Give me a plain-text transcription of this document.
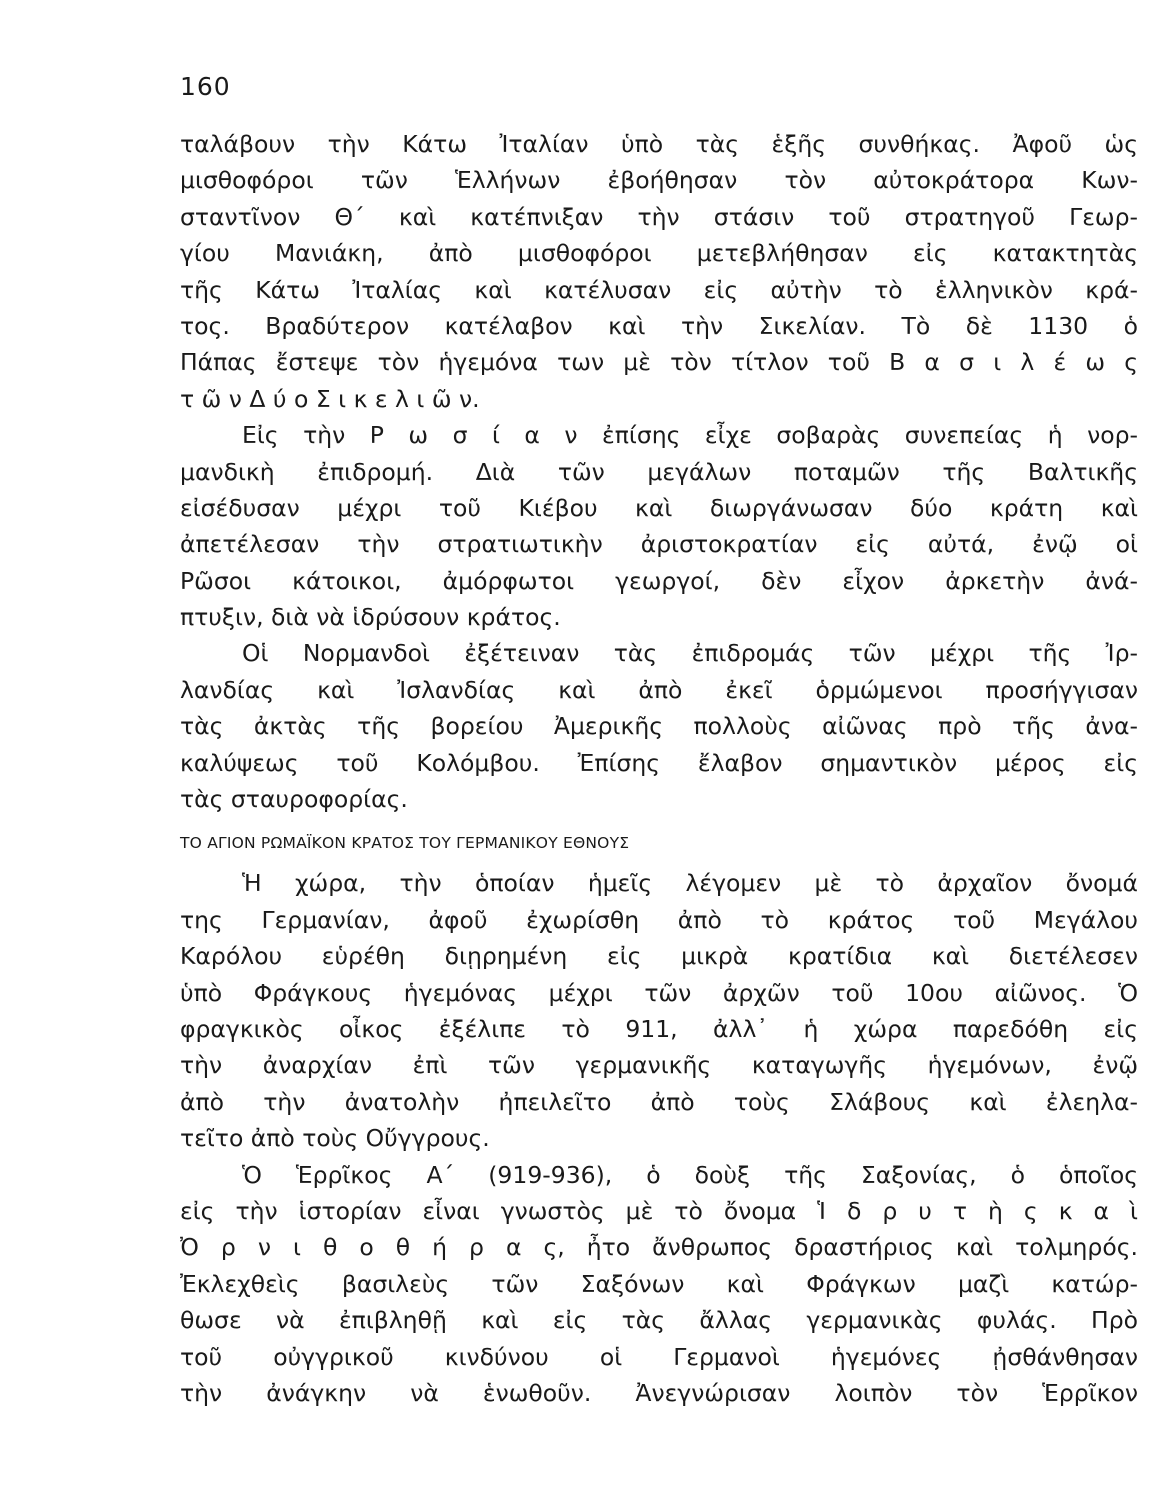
160
ταλάβουν τὴν Κάτω Ἰταλίαν ὑπὸ τὰς ἑξῆς συνθήκας. Ἀφοῦ ὡς
μισθοφόροι τῶν Ἑλλήνων ἐβοήθησαν τὸν αὐτοκράτορα Κων-
σταντῖνον Θ΄ καὶ κατέπνιξαν τὴν στάσιν τοῦ στρατηγοῦ Γεωρ-
γίου Μανιάκη, ἀπὸ μισθοφόροι μετεβλήθησαν εἰς κατακτητὰς
τῆς Κάτω Ἰταλίας καὶ κατέλυσαν εἰς αὐτὴν τὸ ἑλληνικὸν κρά-
τος. Βραδύτερον κατέλαβον καὶ τὴν Σικελίαν. Τὸ δὲ 1130 ὁ
Πάπας ἔστεψε τὸν ἡγεμόνα των μὲ τὸν τίτλον τοῦ Β α σ ι λ έ ω ς
τ ῶ ν Δ ύ ο Σ ι κ ε λ ι ῶ ν.
Εἰς τὴν Ρ ω σ ί α ν ἐπίσης εἶχε σοβαρὰς συνεπείας ἡ νορ-
μανδικὴ ἐπιδρομή. Διὰ τῶν μεγάλων ποταμῶν τῆς Βαλτικῆς
εἰσέδυσαν μέχρι τοῦ Κιέβου καὶ διωργάνωσαν δύο κράτη καὶ
ἀπετέλεσαν τὴν στρατιωτικὴν ἀριστοκρατίαν εἰς αὐτά, ἐνῷ οἱ
Ρῶσοι κάτοικοι, ἀμόρφωτοι γεωργοί, δὲν εἶχον ἀρκετὴν ἀνά-
πτυξιν, διὰ νὰ ἱδρύσουν κράτος.
Οἱ Νορμανδοὶ ἐξέτειναν τὰς ἐπιδρομάς τῶν μέχρι τῆς Ἰρ-
λανδίας καὶ Ἰσλανδίας καὶ ἀπὸ ἐκεῖ ὁρμώμενοι προσήγγισαν
τὰς ἀκτὰς τῆς βορείου Ἀμερικῆς πολλοὺς αἰῶνας πρὸ τῆς ἀνα-
καλύψεως τοῦ Κολόμβου. Ἐπίσης ἔλαβον σημαντικὸν μέρος εἰς
τὰς σταυροφορίας.
ΤΟ ΑΓΙΟΝ ΡΩΜΑΪΚΟΝ ΚΡΑΤΟΣ ΤΟΥ ΓΕΡΜΑΝΙΚΟΥ ΕΘΝΟΥΣ
Ἡ χώρα, τὴν ὁποίαν ἡμεῖς λέγομεν μὲ τὸ ἀρχαῖον ὄνομά
της Γερμανίαν, ἀφοῦ ἐχωρίσθη ἀπὸ τὸ κράτος τοῦ Μεγάλου
Καρόλου εὑρέθη διῃρημένη εἰς μικρὰ κρατίδια καὶ διετέλεσεν
ὑπὸ Φράγκους ἡγεμόνας μέχρι τῶν ἀρχῶν τοῦ 10ου αἰῶνος. Ὁ
φραγκικὸς οἶκος ἐξέλιπε τὸ 911, ἀλλ᾽ ἡ χώρα παρεδόθη εἰς
τὴν ἀναρχίαν ἐπὶ τῶν γερμανικῆς καταγωγῆς ἡγεμόνων, ἐνῷ
ἀπὸ τὴν ἀνατολὴν ἠπειλεῖτο ἀπὸ τοὺς Σλάβους καὶ ἐλεηλα-
τεῖτο ἀπὸ τοὺς Οὔγγρους.
Ὁ Ἑρρῖκος Α΄ (919-936), ὁ δοὺξ τῆς Σαξονίας, ὁ ὁποῖος
εἰς τὴν ἱστορίαν εἶναι γνωστὸς μὲ τὸ ὄνομα Ἱ δ ρ υ τ ὴ ς κ α ὶ
Ὀ ρ ν ι θ ο θ ή ρ α ς, ἦτο ἄνθρωπος δραστήριος καὶ τολμηρός.
Ἐκλεχθεὶς βασιλεὺς τῶν Σαξόνων καὶ Φράγκων μαζὶ κατώρ-
θωσε νὰ ἐπιβληθῇ καὶ εἰς τὰς ἄλλας γερμανικὰς φυλάς. Πρὸ
τοῦ οὐγγρικοῦ κινδύνου οἱ Γερμανοὶ ἡγεμόνες ᾐσθάνθησαν
τὴν ἀνάγκην νὰ ἑνωθοῦν. Ἀνεγνώρισαν λοιπὸν τὸν Ἑρρῖκον
